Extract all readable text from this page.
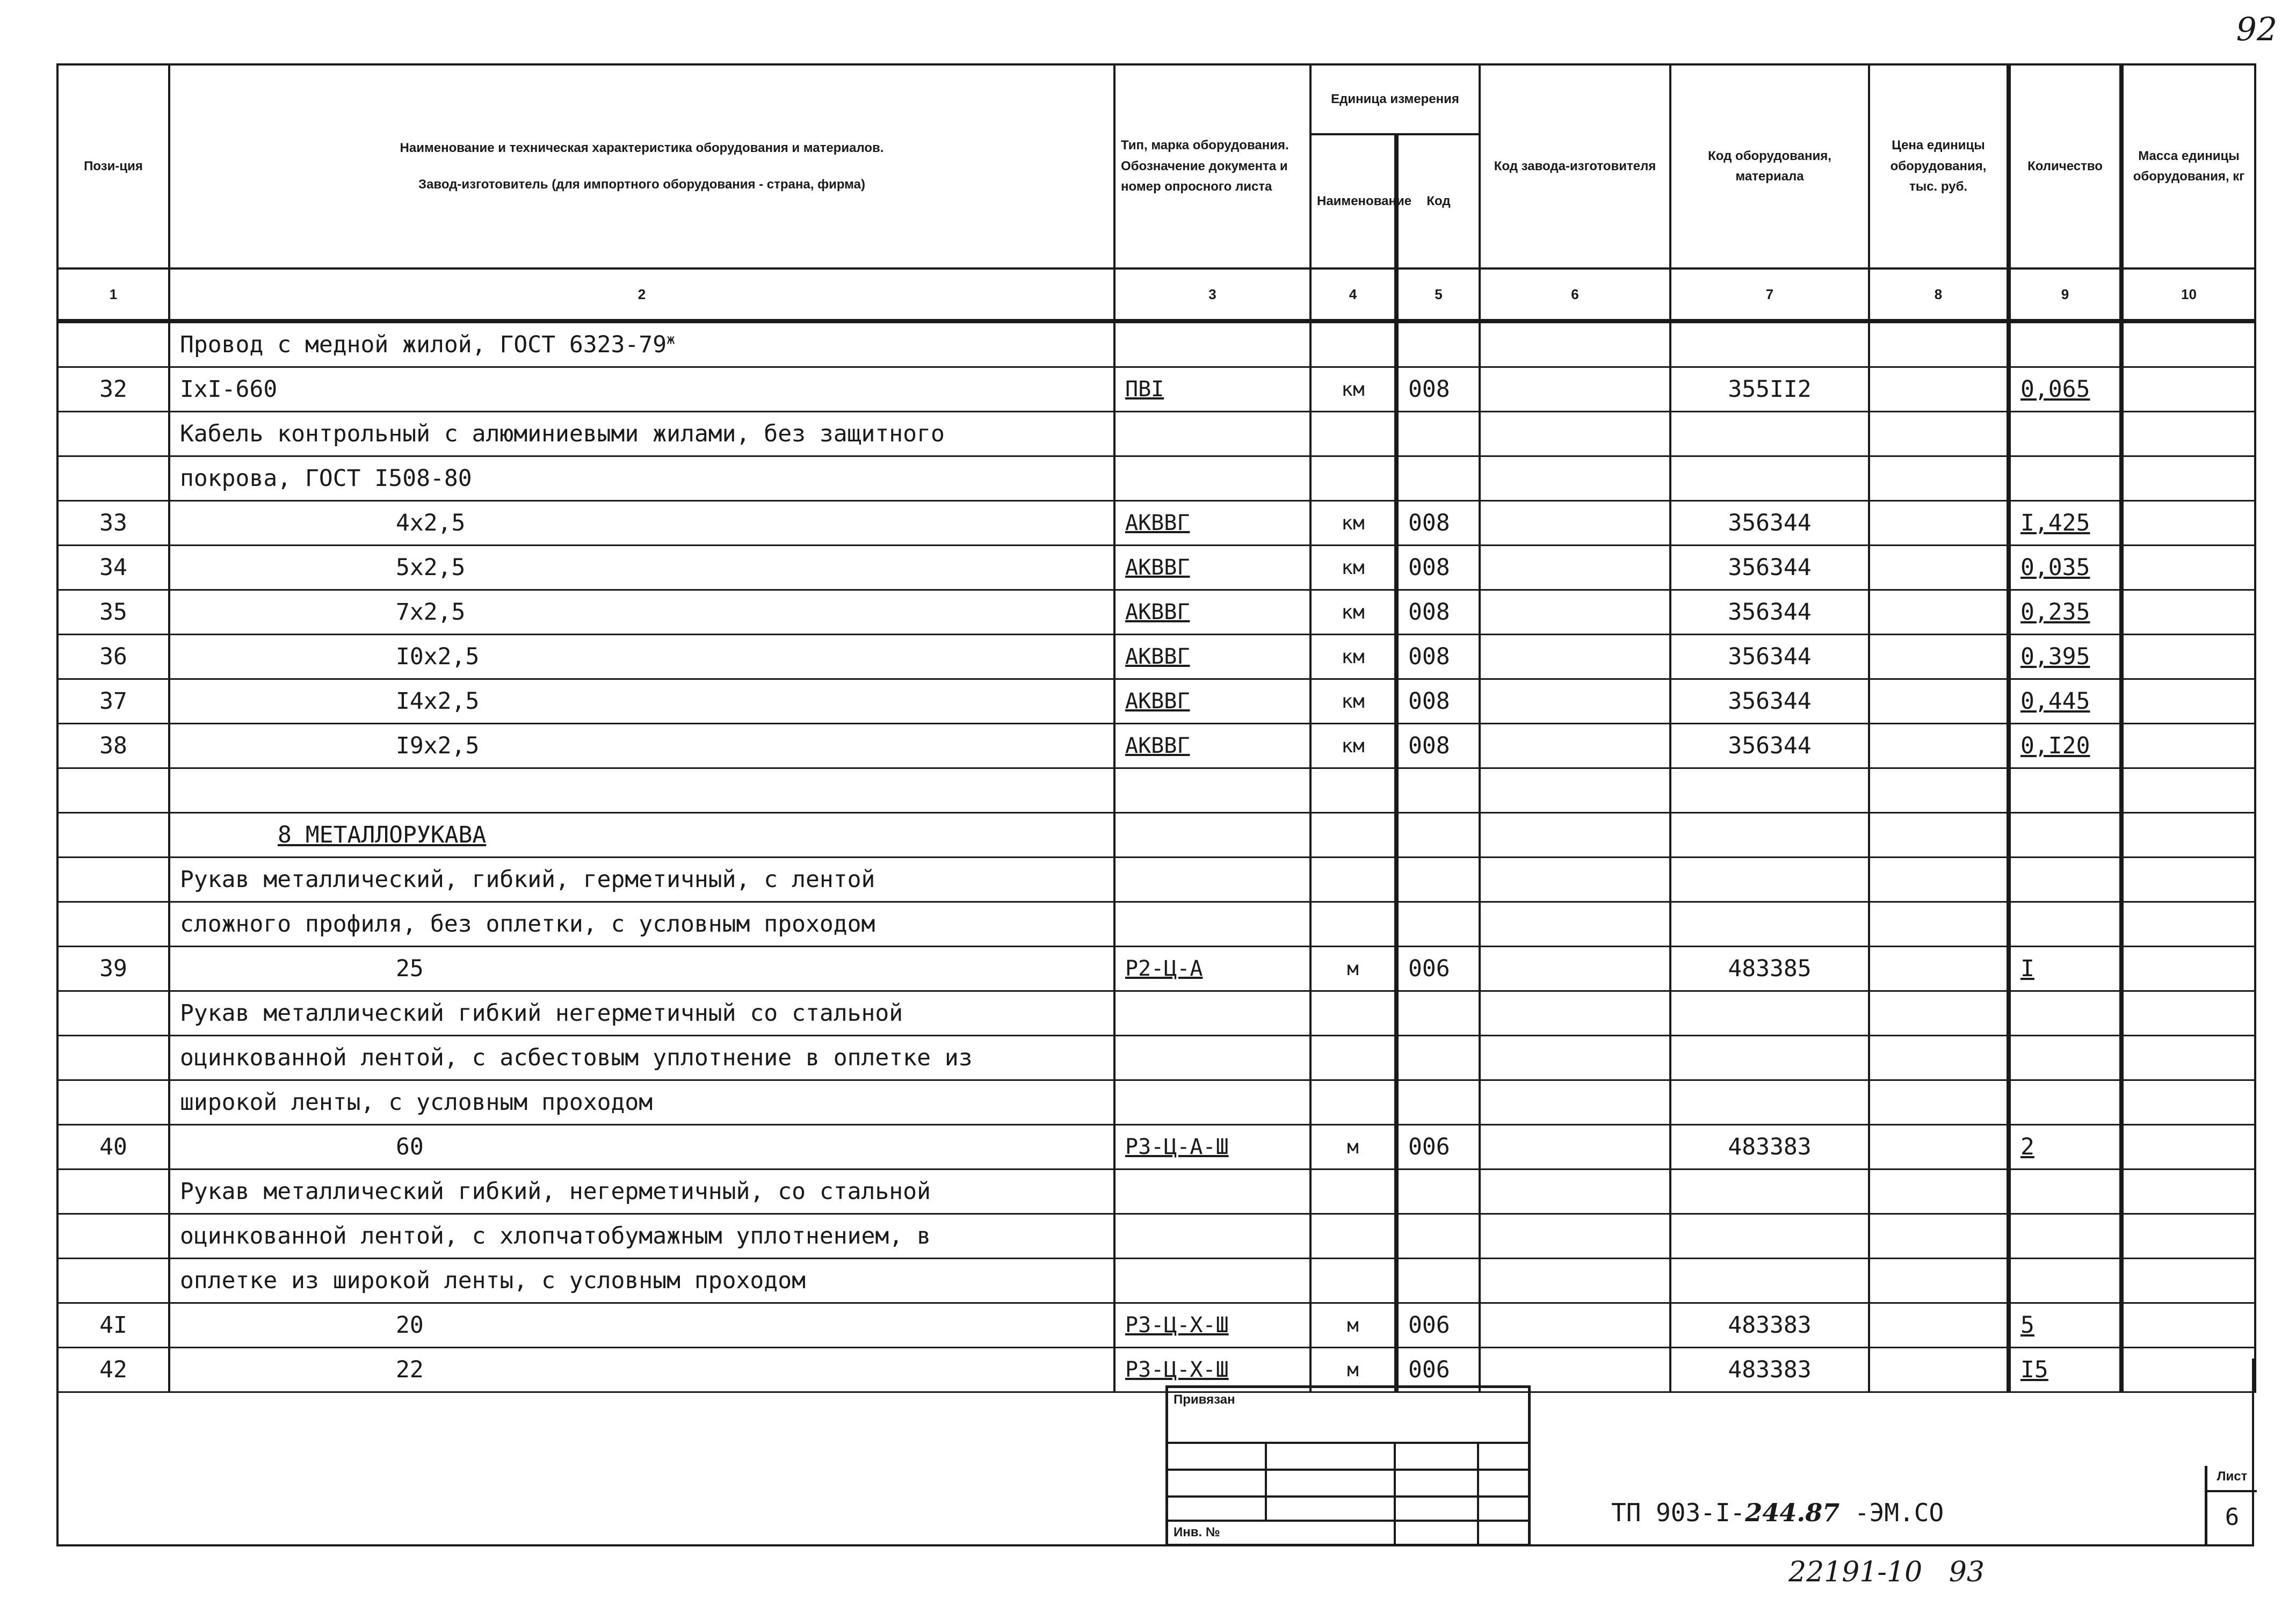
92
Пози-ция	Наименование и техническая характеристика оборудования и материалов.
Завод-изготовитель (для импортного оборудования - страна, фирма)	Тип, марка оборудования. Обозначение документа и номер опросного листа	Единица измерения		Код завода-изготовителя	Код оборудования, материала	Цена единицы оборудования, тыс. руб.	Количество	Масса единицы оборудования, кг
			Наименование	Код					
1	2	3	4	5	6	7	8	9	10
	Провод с медной жилой, ГОСТ $6323-79^ж$								
32	IxI-660	ПВI	км	008		355II2		0,065	
	Кабель контрольный с алюминиевыми жилами, без защитного								
	покрова, ГОСТ I508-80								
33	4x2,5	АКВВГ	км	008		356344		I,425	
34	5x2,5	АКВВГ	км	008		356344		0,035	
35	7x2,5	АКВВГ	км	008		356344		0,235	
36	I0x2,5	АКВВГ	км	008		356344		0,395	
37	I4x2,5	АКВВГ	км	008		356344		0,445	
38	I9x2,5	АКВВГ	км	008		356344		0,I20	

	8 МЕТАЛЛОРУКАВА								
	Рукав металлический, гибкий, герметичный, с лентой								
	сложного профиля, без оплетки, с условным проходом								
39	25	Р2-Ц-А	м	006		483385		I	
	Рукав металлический гибкий негерметичный со стальной								
	оцинкованной лентой, с асбестовым уплотнение в оплетке из								
	широкой ленты, с условным проходом								
40	60	Р3-Ц-А-Ш	м	006		483383		2	
	Рукав металлический гибкий, негерметичный, со стальной								
	оцинкованной лентой, с хлопчатобумажным уплотнением, в								
	оплетке из широкой ленты, с условным проходом								
4I	20	Р3-Ц-Х-Ш	м	006		483383		5	
42	22	Р3-Ц-Х-Ш	м	006		483383		I5	
Привязан
Инв. №
ТП 903-I-244.87 -ЭМ.СО
Лист
6
22191-10   93
